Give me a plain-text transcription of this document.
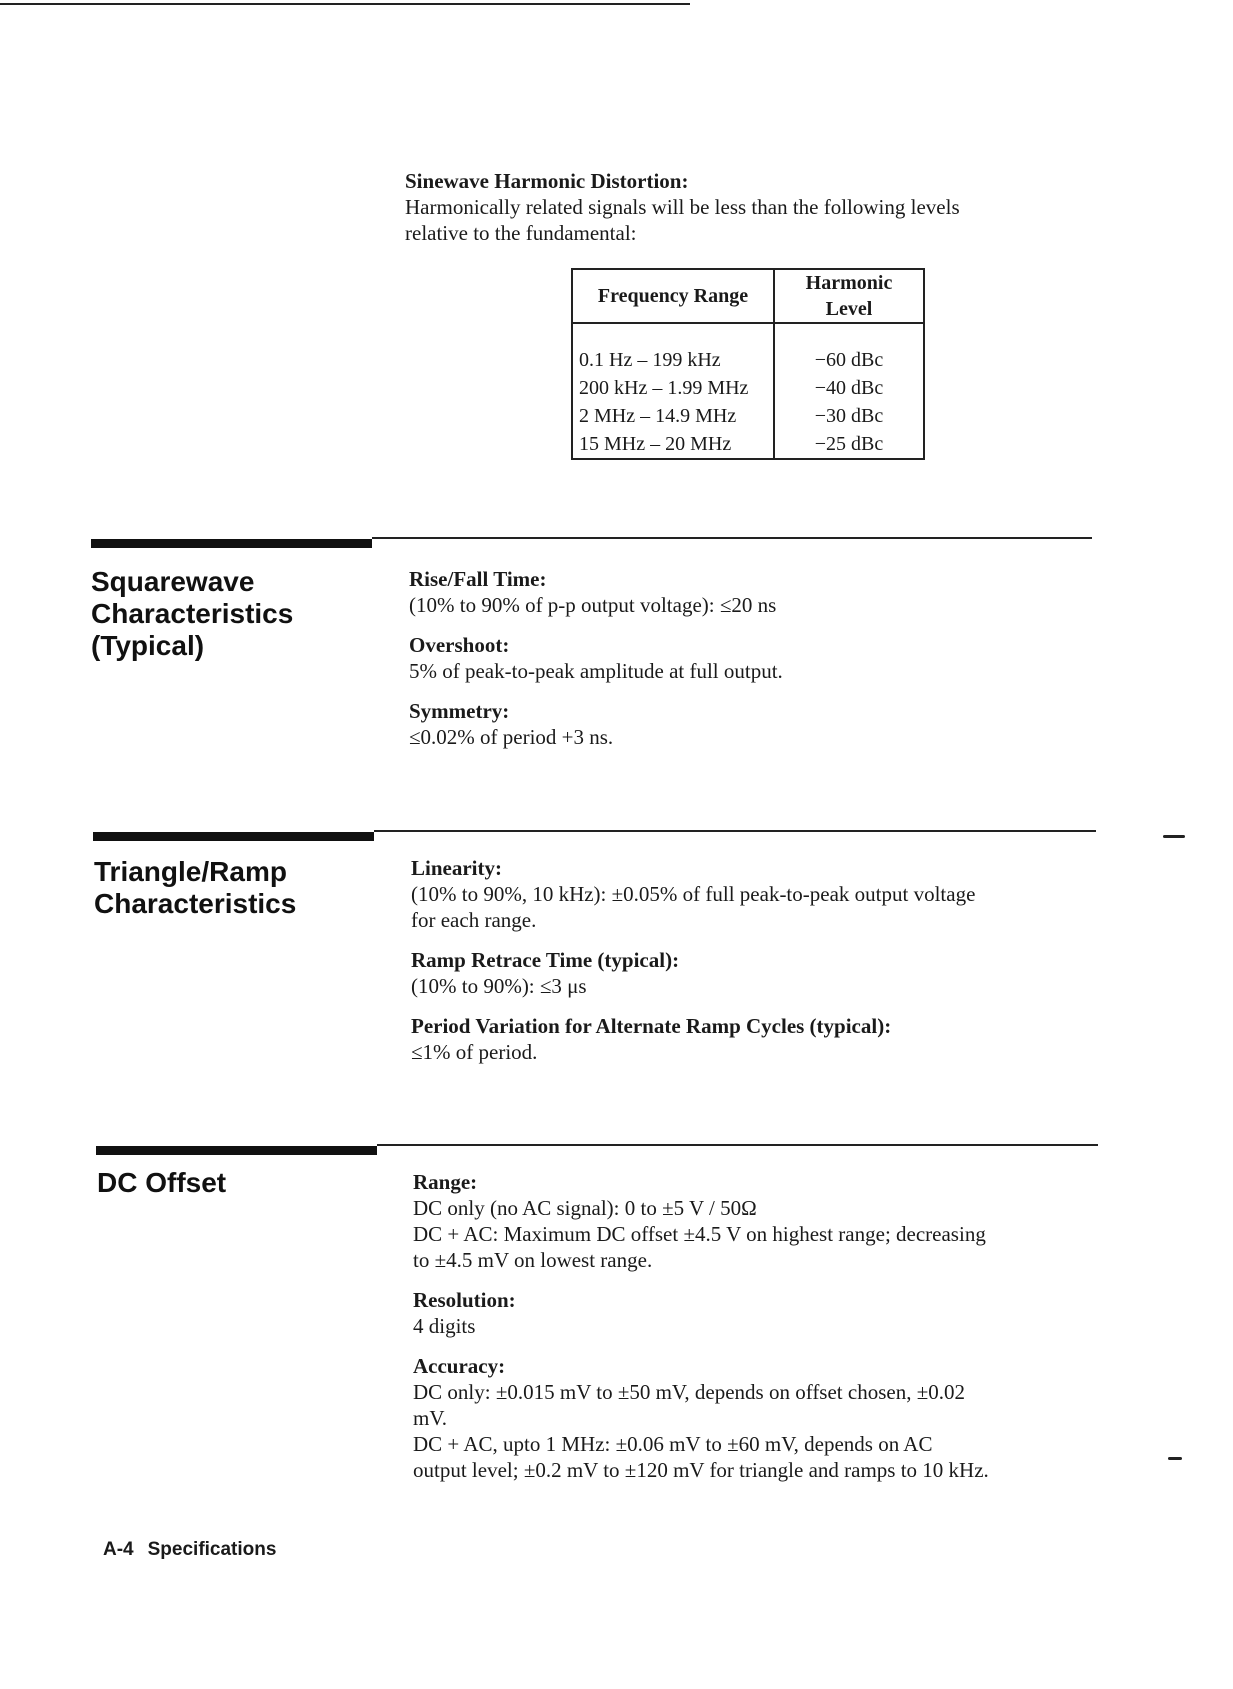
Sinewave Harmonic Distortion:

Harmonically related signals will be less than the following levels

relative to the fundamental:

Frequency Range	Harmonic Level

0.1 Hz – 199 kHz	−60 dBc
200 kHz – 1.99 MHz	−40 dBc
2 MHz – 14.9 MHz	−30 dBc
15 MHz – 20 MHz	−25 dBc
Squarewave
Characteristics
(Typical)

Rise/Fall Time:

(10% to 90% of p-p output voltage): ≤20 ns

Overshoot:

5% of peak-to-peak amplitude at full output.

Symmetry:

≤0.02% of period +3 ns.

Triangle/Ramp
Characteristics

Linearity:

(10% to 90%, 10 kHz): ±0.05% of full peak-to-peak output voltage

for each range.

Ramp Retrace Time (typical):

(10% to 90%): ≤3 μs

Period Variation for Alternate Ramp Cycles (typical):

≤1% of period.

DC Offset	Range:

DC only (no AC signal): 0 to ±5 V / 50Ω

DC + AC: Maximum DC offset ±4.5 V on highest range; decreasing

to ±4.5 mV on lowest range.

Resolution:

4 digits

Accuracy:

DC only: ±0.015 mV to ±50 mV, depends on offset chosen, ±0.02

mV.

DC + AC, upto 1 MHz: ±0.06 mV to ±60 mV, depends on AC

output level; ±0.2 mV to ±120 mV for triangle and ramps to 10 kHz.

A-4 Specifications
